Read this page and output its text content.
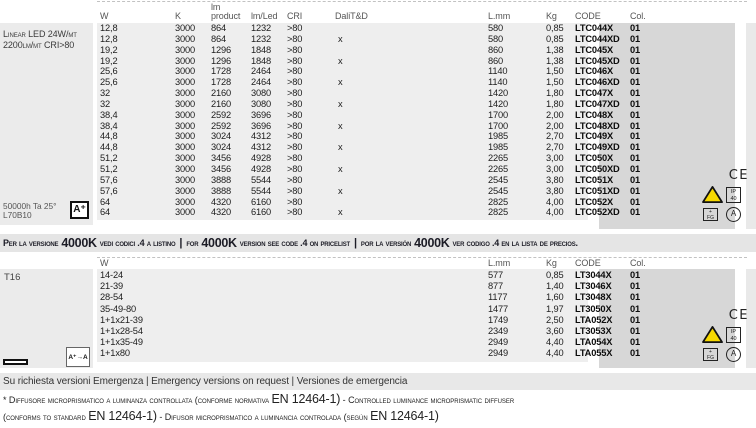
W	K
lm
product lm/Led CRI	DaliT&D	L.mm	Kg CODE	Col.
Linear LED 24W/mt
2200lm/mt CRI>80
50000h Ta 25°
L70B10	A⁺
12,8	3000 864	1232 >80	580	0,85 LTC044X 01
12,8	3000 864	1232 >80	x	580	0,85 LTC044XD 01
19,2	3000 1296 1848 >80	860	1,38 LTC045X 01
19,2	3000 1296 1848 >80	x	860	1,38 LTC045XD 01
25,6	3000 1728 2464 >80	1140	1,50 LTC046X 01
25,6	3000 1728 2464 >80	x	1140	1,50 LTC046XD 01
32	3000 2160 3080 >80	1420	1,80 LTC047X 01
32	3000 2160 3080 >80	x	1420	1,80 LTC047XD 01
38,4	3000 2592 3696 >80	1700	2,00 LTC048X 01
38,4	3000 2592 3696 >80	x	1700	2,00 LTC048XD 01
44,8	3000 3024 4312 >80	1985	2,70 LTC049X 01
44,8	3000 3024 4312 >80	x	1985	2,70 LTC049XD 01
51,2	3000 3456 4928 >80	2265	3,00 LTC050X 01
51,2	3000 3456 4928 >80	x	2265	3,00 LTC050XD 01
57,6	3000 3888 5544 >80	2545	3,80 LTC051X 01
57,6	3000 3888 5544 >80	x	2545	3,80 LTC051XD 01
64	3000 4320 6160 >80	2825	4,00 LTC052X 01
64	3000 4320 6160 >80	x	2825	4,00 LTC052XD 01
CE
IP
40
+
FG	A
Per la versione 4000K vedi codici .4 a listino | for 4000K version see code .4 on pricelist | por la versión 4000K ver codigo .4 en la lista de precios.
W	L.mm	Kg CODE	Col.
T16
A⁺→A
14-24	577	0,85 LT3044X 01
21-39	877	1,40 LT3046X 01
28-54	1177	1,60 LT3048X 01
35-49-80	1477	1,97 LT3050X 01
1+1x21-39	1749	2,50 LTA052X 01
1+1x28-54	2349	3,60 LT3053X 01
1+1x35-49	2949	4,40 LTA054X 01
1+1x80	2949	4,40 LTA055X 01
CE
IP
40
+
FG	A
Su richiesta versioni Emergenza | Emergency versions on request | Versiones de emergencia
* Diffusore microprismatico a luminanza controllata (conforme normativa EN 12464-1) - Controlled luminance microprismatic diffuser
(conforms to standard EN 12464-1) - Difusor microprismatico a luminancia controlada (según EN 12464-1)
